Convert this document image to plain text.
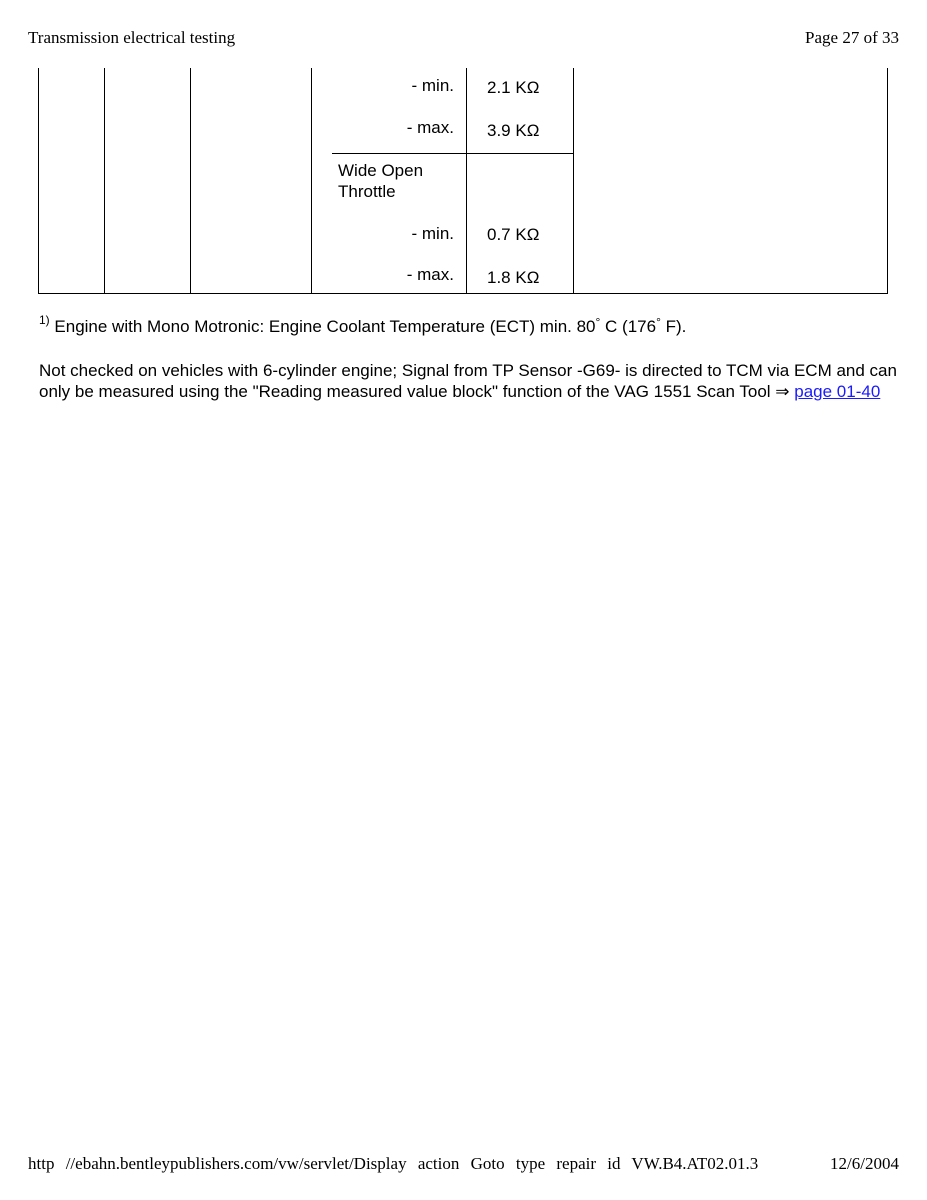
Transmission electrical testing	Page 27 of 33
- min. 2.1 KΩ
- max. 3.9 KΩ
Wide Open Throttle
- min. 0.7 KΩ
- max. 1.8 KΩ
$^{1)}$ Engine with Mono Motronic: Engine Coolant Temperature (ECT) min. 80° C (176° F).
Not checked on vehicles with 6-cylinder engine; Signal from TP Sensor -G69- is directed to TCM via ECM and can only be measured using the "Reading measured value block" function of the VAG 1551 Scan Tool ⇒ page 01-40
http //ebahn.bentleypublishers.com/vw/servlet/Display action Goto type repair id VW.B4.AT02.01.3	12/6/2004
